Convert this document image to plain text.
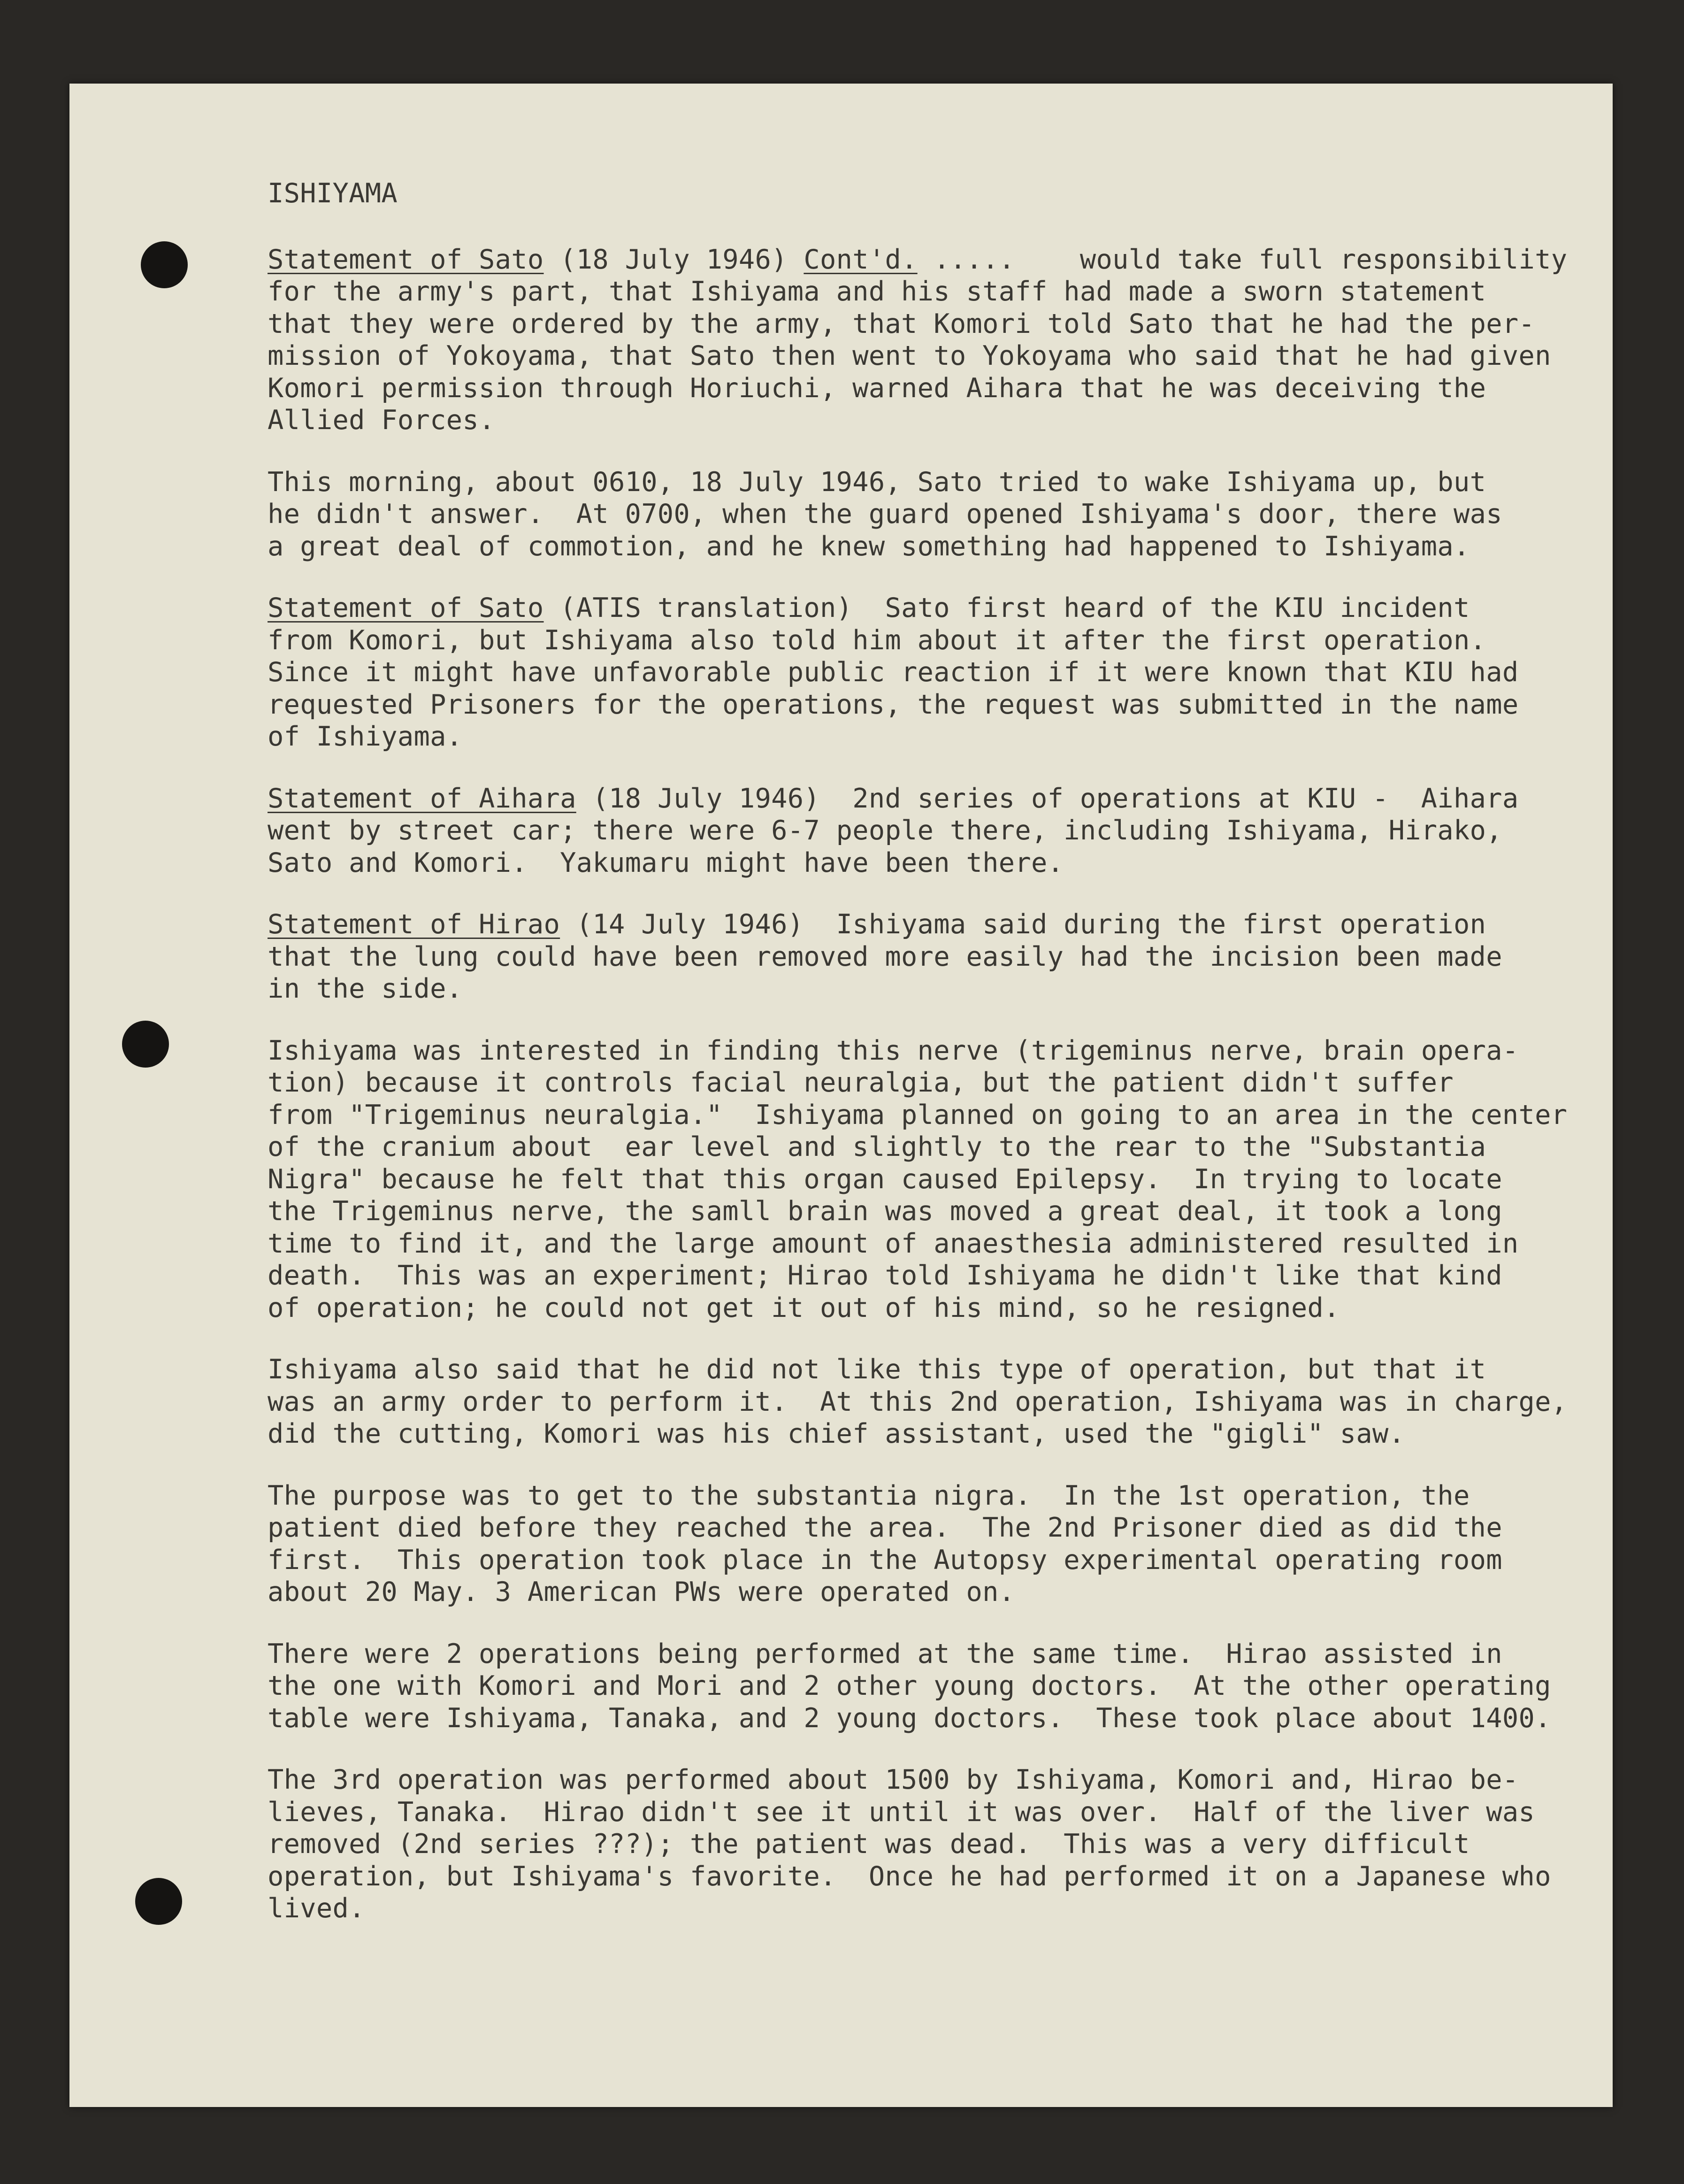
ISHIYAMA
Statement of Sato (18 July 1946) Cont'd. .....    would take full responsibility
for the army's part, that Ishiyama and his staff had made a sworn statement
that they were ordered by the army, that Komori told Sato that he had the per-
mission of Yokoyama, that Sato then went to Yokoyama who said that he had given
Komori permission through Horiuchi, warned Aihara that he was deceiving the
Allied Forces.
This morning, about 0610, 18 July 1946, Sato tried to wake Ishiyama up, but
he didn't answer.  At 0700, when the guard opened Ishiyama's door, there was
a great deal of commotion, and he knew something had happened to Ishiyama.
Statement of Sato (ATIS translation)  Sato first heard of the KIU incident
from Komori, but Ishiyama also told him about it after the first operation.
Since it might have unfavorable public reaction if it were known that KIU had
requested Prisoners for the operations, the request was submitted in the name
of Ishiyama.
Statement of Aihara (18 July 1946)  2nd series of operations at KIU -  Aihara
went by street car; there were 6-7 people there, including Ishiyama, Hirako,
Sato and Komori.  Yakumaru might have been there.
Statement of Hirao (14 July 1946)  Ishiyama said during the first operation
that the lung could have been removed more easily had the incision been made
in the side.
Ishiyama was interested in finding this nerve (trigeminus nerve, brain opera-
tion) because it controls facial neuralgia, but the patient didn't suffer
from "Trigeminus neuralgia."  Ishiyama planned on going to an area in the center
of the cranium about  ear level and slightly to the rear to the "Substantia
Nigra" because he felt that this organ caused Epilepsy.  In trying to locate
the Trigeminus nerve, the samll brain was moved a great deal, it took a long
time to find it, and the large amount of anaesthesia administered resulted in
death.  This was an experiment; Hirao told Ishiyama he didn't like that kind
of operation; he could not get it out of his mind, so he resigned.
Ishiyama also said that he did not like this type of operation, but that it
was an army order to perform it.  At this 2nd operation, Ishiyama was in charge,
did the cutting, Komori was his chief assistant, used the "gigli" saw.
The purpose was to get to the substantia nigra.  In the 1st operation, the
patient died before they reached the area.  The 2nd Prisoner died as did the
first.  This operation took place in the Autopsy experimental operating room
about 20 May. 3 American PWs were operated on.
There were 2 operations being performed at the same time.  Hirao assisted in
the one with Komori and Mori and 2 other young doctors.  At the other operating
table were Ishiyama, Tanaka, and 2 young doctors.  These took place about 1400.
The 3rd operation was performed about 1500 by Ishiyama, Komori and, Hirao be-
lieves, Tanaka.  Hirao didn't see it until it was over.  Half of the liver was
removed (2nd series ???); the patient was dead.  This was a very difficult
operation, but Ishiyama's favorite.  Once he had performed it on a Japanese who
lived.
